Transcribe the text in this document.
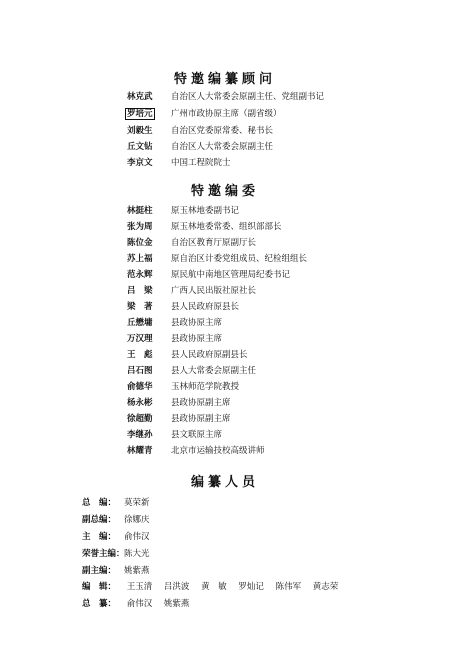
特邀编纂顾问
林克武 自治区人大常委会原副主任、党组副书记
罗培元 广州市政协原主席（副省级）
刘毅生 自治区党委原常委、秘书长
丘文钻 自治区人大常委会原副主任
李京文 中国工程院院士
特邀编委
林挺柱 原玉林地委副书记
张为周 原玉林地委常委、组织部部长
陈位金 自治区教育厅原副厅长
苏上福 原自治区计委党组成员、纪检组组长
范永辉 原民航中南地区管理局纪委书记
吕　梁 广西人民出版社原社长
梁　著 县人民政府原县长
丘懋墉 县政协原主席
万汉理 县政协原主席
王　彪 县人民政府原副县长
吕石图 县人大常委会原副主任
俞德华 玉林师范学院教授
杨永彬 县政协原副主席
徐超勤 县政协原副主席
李继孙 县文联原主席
林耀青 北京市运输技校高级讲师
编纂人员
总　编： 莫荣新
副总编： 徐娜庆
主　编： 俞伟汉
荣誉主编：陈大光
副主编： 姚紫燕
编　辑： 王玉清 吕洪波 黄　敏 罗灿记 陈伟军 黄志荣
总　纂： 俞伟汉 姚紫燕
